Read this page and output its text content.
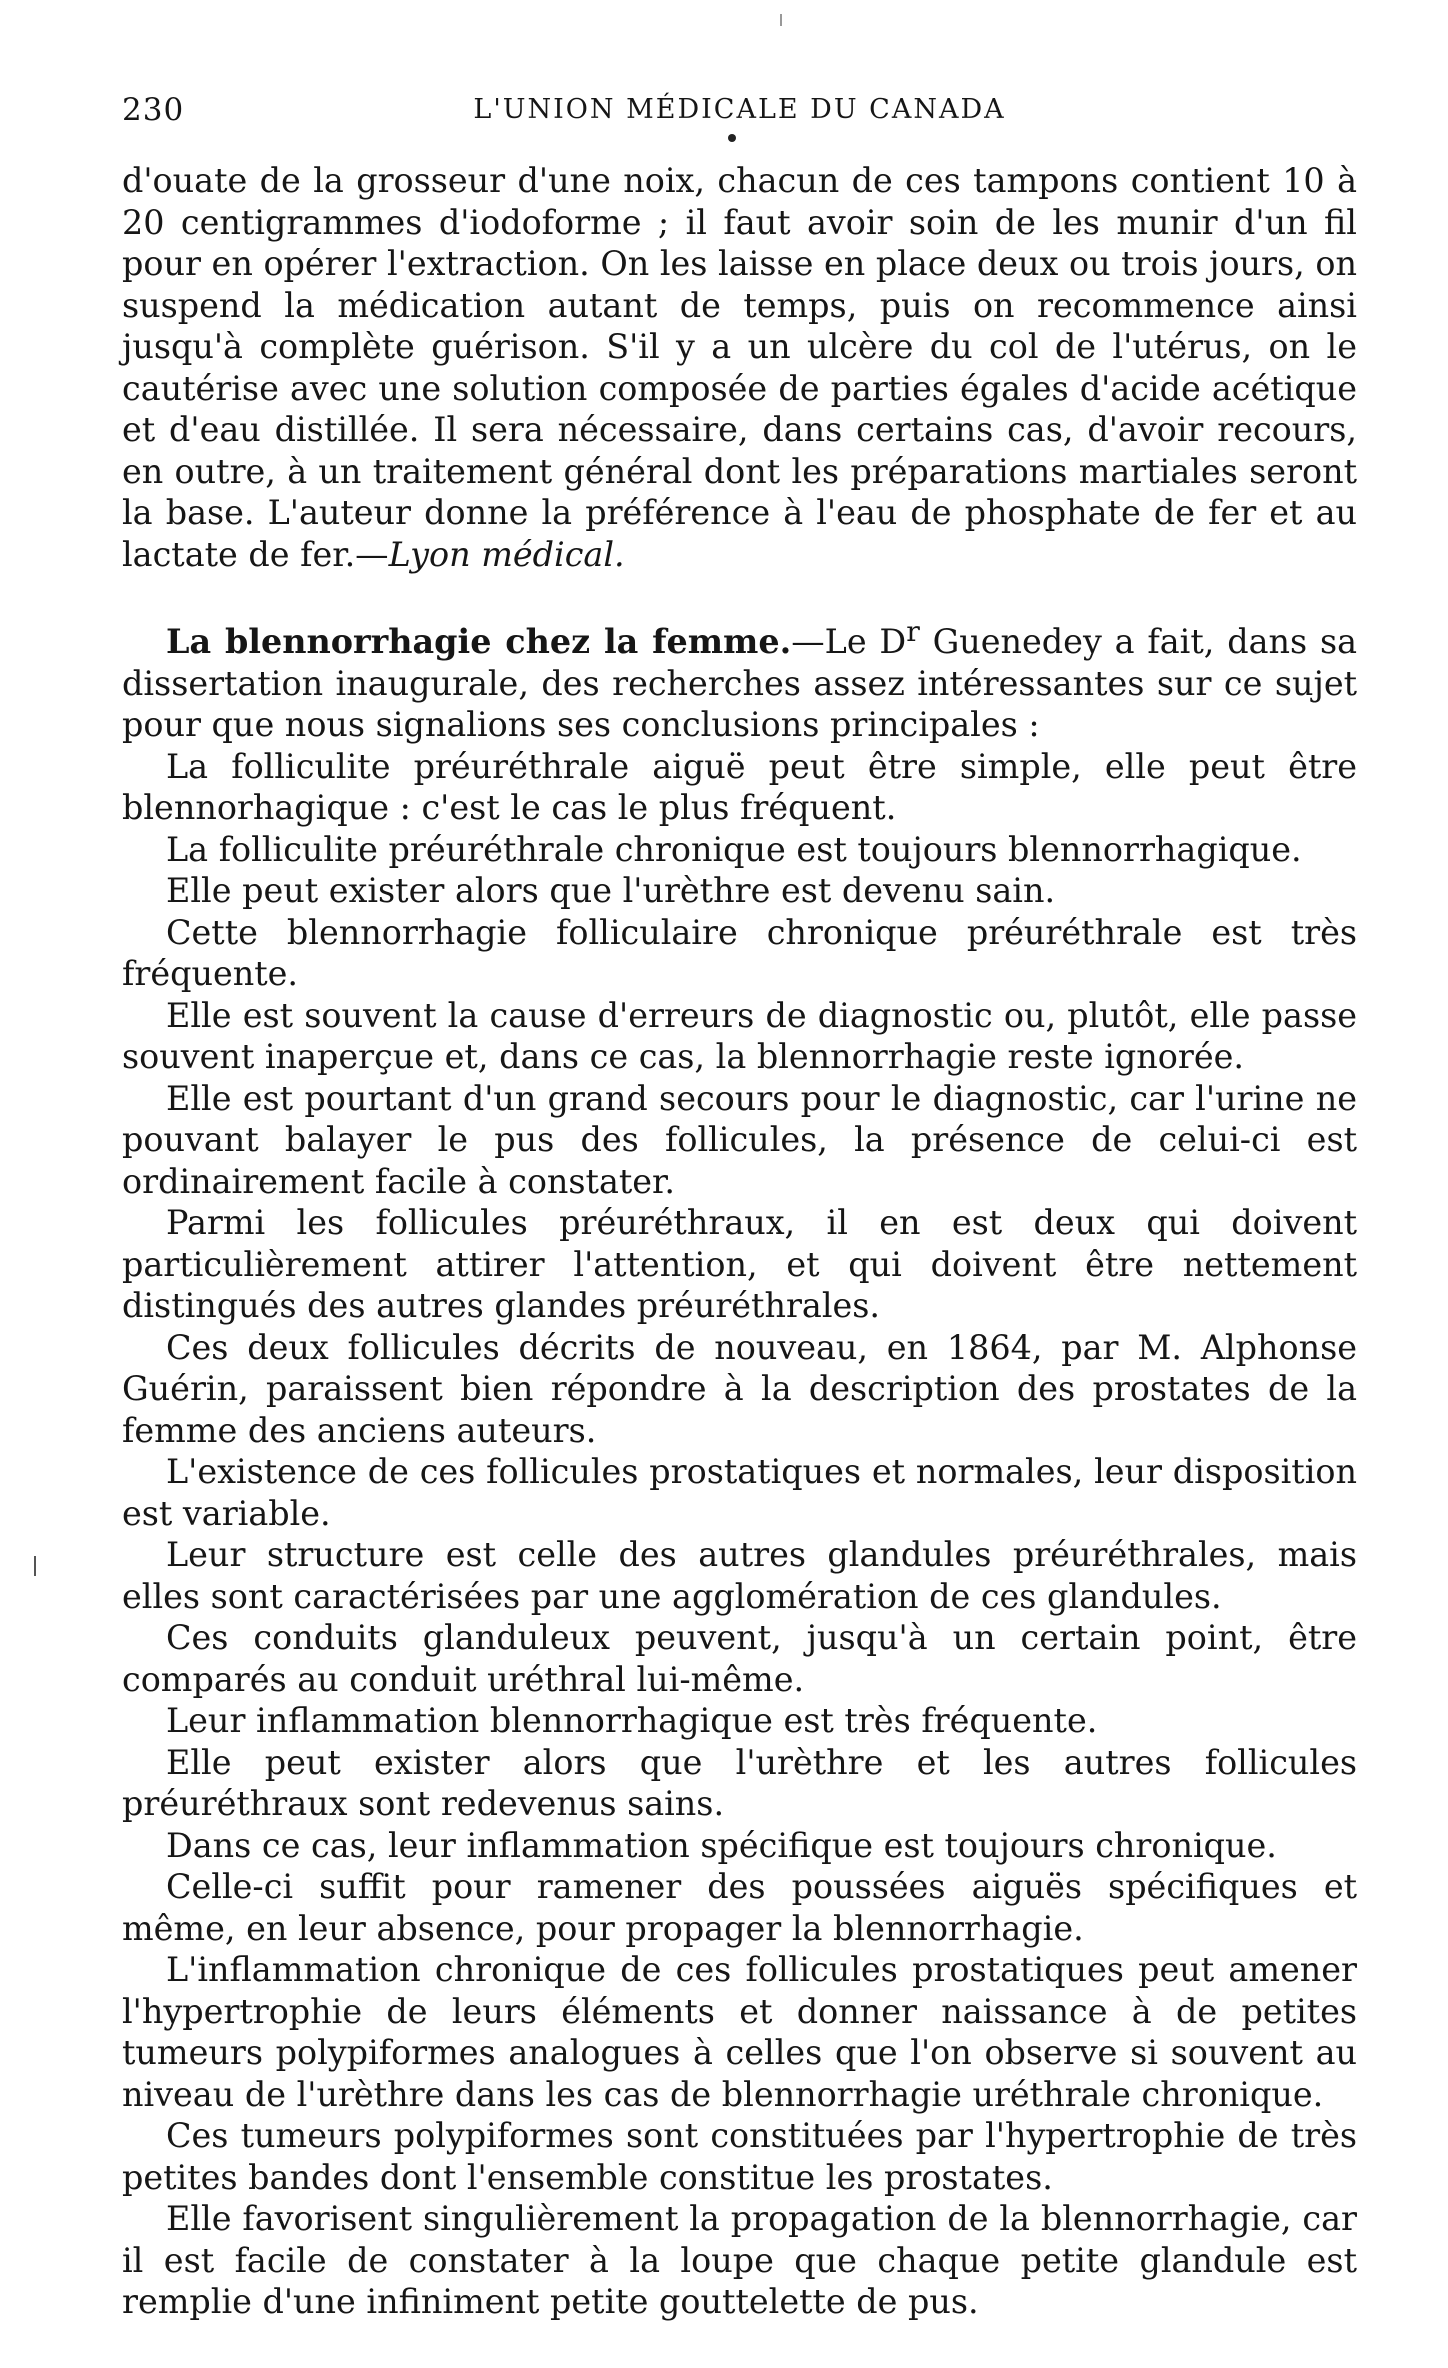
230	L'UNION MÉDICALE DU CANADA

d'ouate de la grosseur d'une noix, chacun de ces tampons contient 10 à 20 centigrammes d'iodoforme ; il faut avoir soin de les munir d'un fil pour en opérer l'extraction. On les laisse en place deux ou trois jours, on suspend la médication autant de temps, puis on recommence ainsi jusqu'à complète guérison. S'il y a un ulcère du col de l'utérus, on le cautérise avec une solution composée de parties égales d'acide acétique et d'eau distillée. Il sera nécessaire, dans certains cas, d'avoir recours, en outre, à un traitement général dont les préparations martiales seront la base. L'auteur donne la préférence à l'eau de phosphate de fer et au lactate de fer.—Lyon médical.

La blennorrhagie chez la femme.—Le Dr Guenedey a fait, dans sa dissertation inaugurale, des recherches assez intéressantes sur ce sujet pour que nous signalions ses conclusions principales :

La folliculite préuréthrale aiguë peut être simple, elle peut être blennorhagique : c'est le cas le plus fréquent.

La folliculite préuréthrale chronique est toujours blennorrhagique.

Elle peut exister alors que l'urèthre est devenu sain.

Cette blennorrhagie folliculaire chronique préuréthrale est très fréquente.

Elle est souvent la cause d'erreurs de diagnostic ou, plutôt, elle passe souvent inaperçue et, dans ce cas, la blennorrhagie reste ignorée.

Elle est pourtant d'un grand secours pour le diagnostic, car l'urine ne pouvant balayer le pus des follicules, la présence de celui-ci est ordinairement facile à constater.

Parmi les follicules préuréthraux, il en est deux qui doivent particulièrement attirer l'attention, et qui doivent être nettement distingués des autres glandes préuréthrales.

Ces deux follicules décrits de nouveau, en 1864, par M. Alphonse Guérin, paraissent bien répondre à la description des prostates de la femme des anciens auteurs.

L'existence de ces follicules prostatiques et normales, leur disposition est variable.

Leur structure est celle des autres glandules préuréthrales, mais elles sont caractérisées par une agglomération de ces glandules.

Ces conduits glanduleux peuvent, jusqu'à un certain point, être comparés au conduit uréthral lui-même.

Leur inflammation blennorrhagique est très fréquente.

Elle peut exister alors que l'urèthre et les autres follicules préuréthraux sont redevenus sains.

Dans ce cas, leur inflammation spécifique est toujours chronique.

Celle-ci suffit pour ramener des poussées aiguës spécifiques et même, en leur absence, pour propager la blennorrhagie.

L'inflammation chronique de ces follicules prostatiques peut amener l'hypertrophie de leurs éléments et donner naissance à de petites tumeurs polypiformes analogues à celles que l'on observe si souvent au niveau de l'urèthre dans les cas de blennorrhagie uréthrale chronique.

Ces tumeurs polypiformes sont constituées par l'hypertrophie de très petites bandes dont l'ensemble constitue les prostates.

Elle favorisent singulièrement la propagation de la blennorrhagie, car il est facile de constater à la loupe que chaque petite glandule est remplie d'une infiniment petite gouttelette de pus.
